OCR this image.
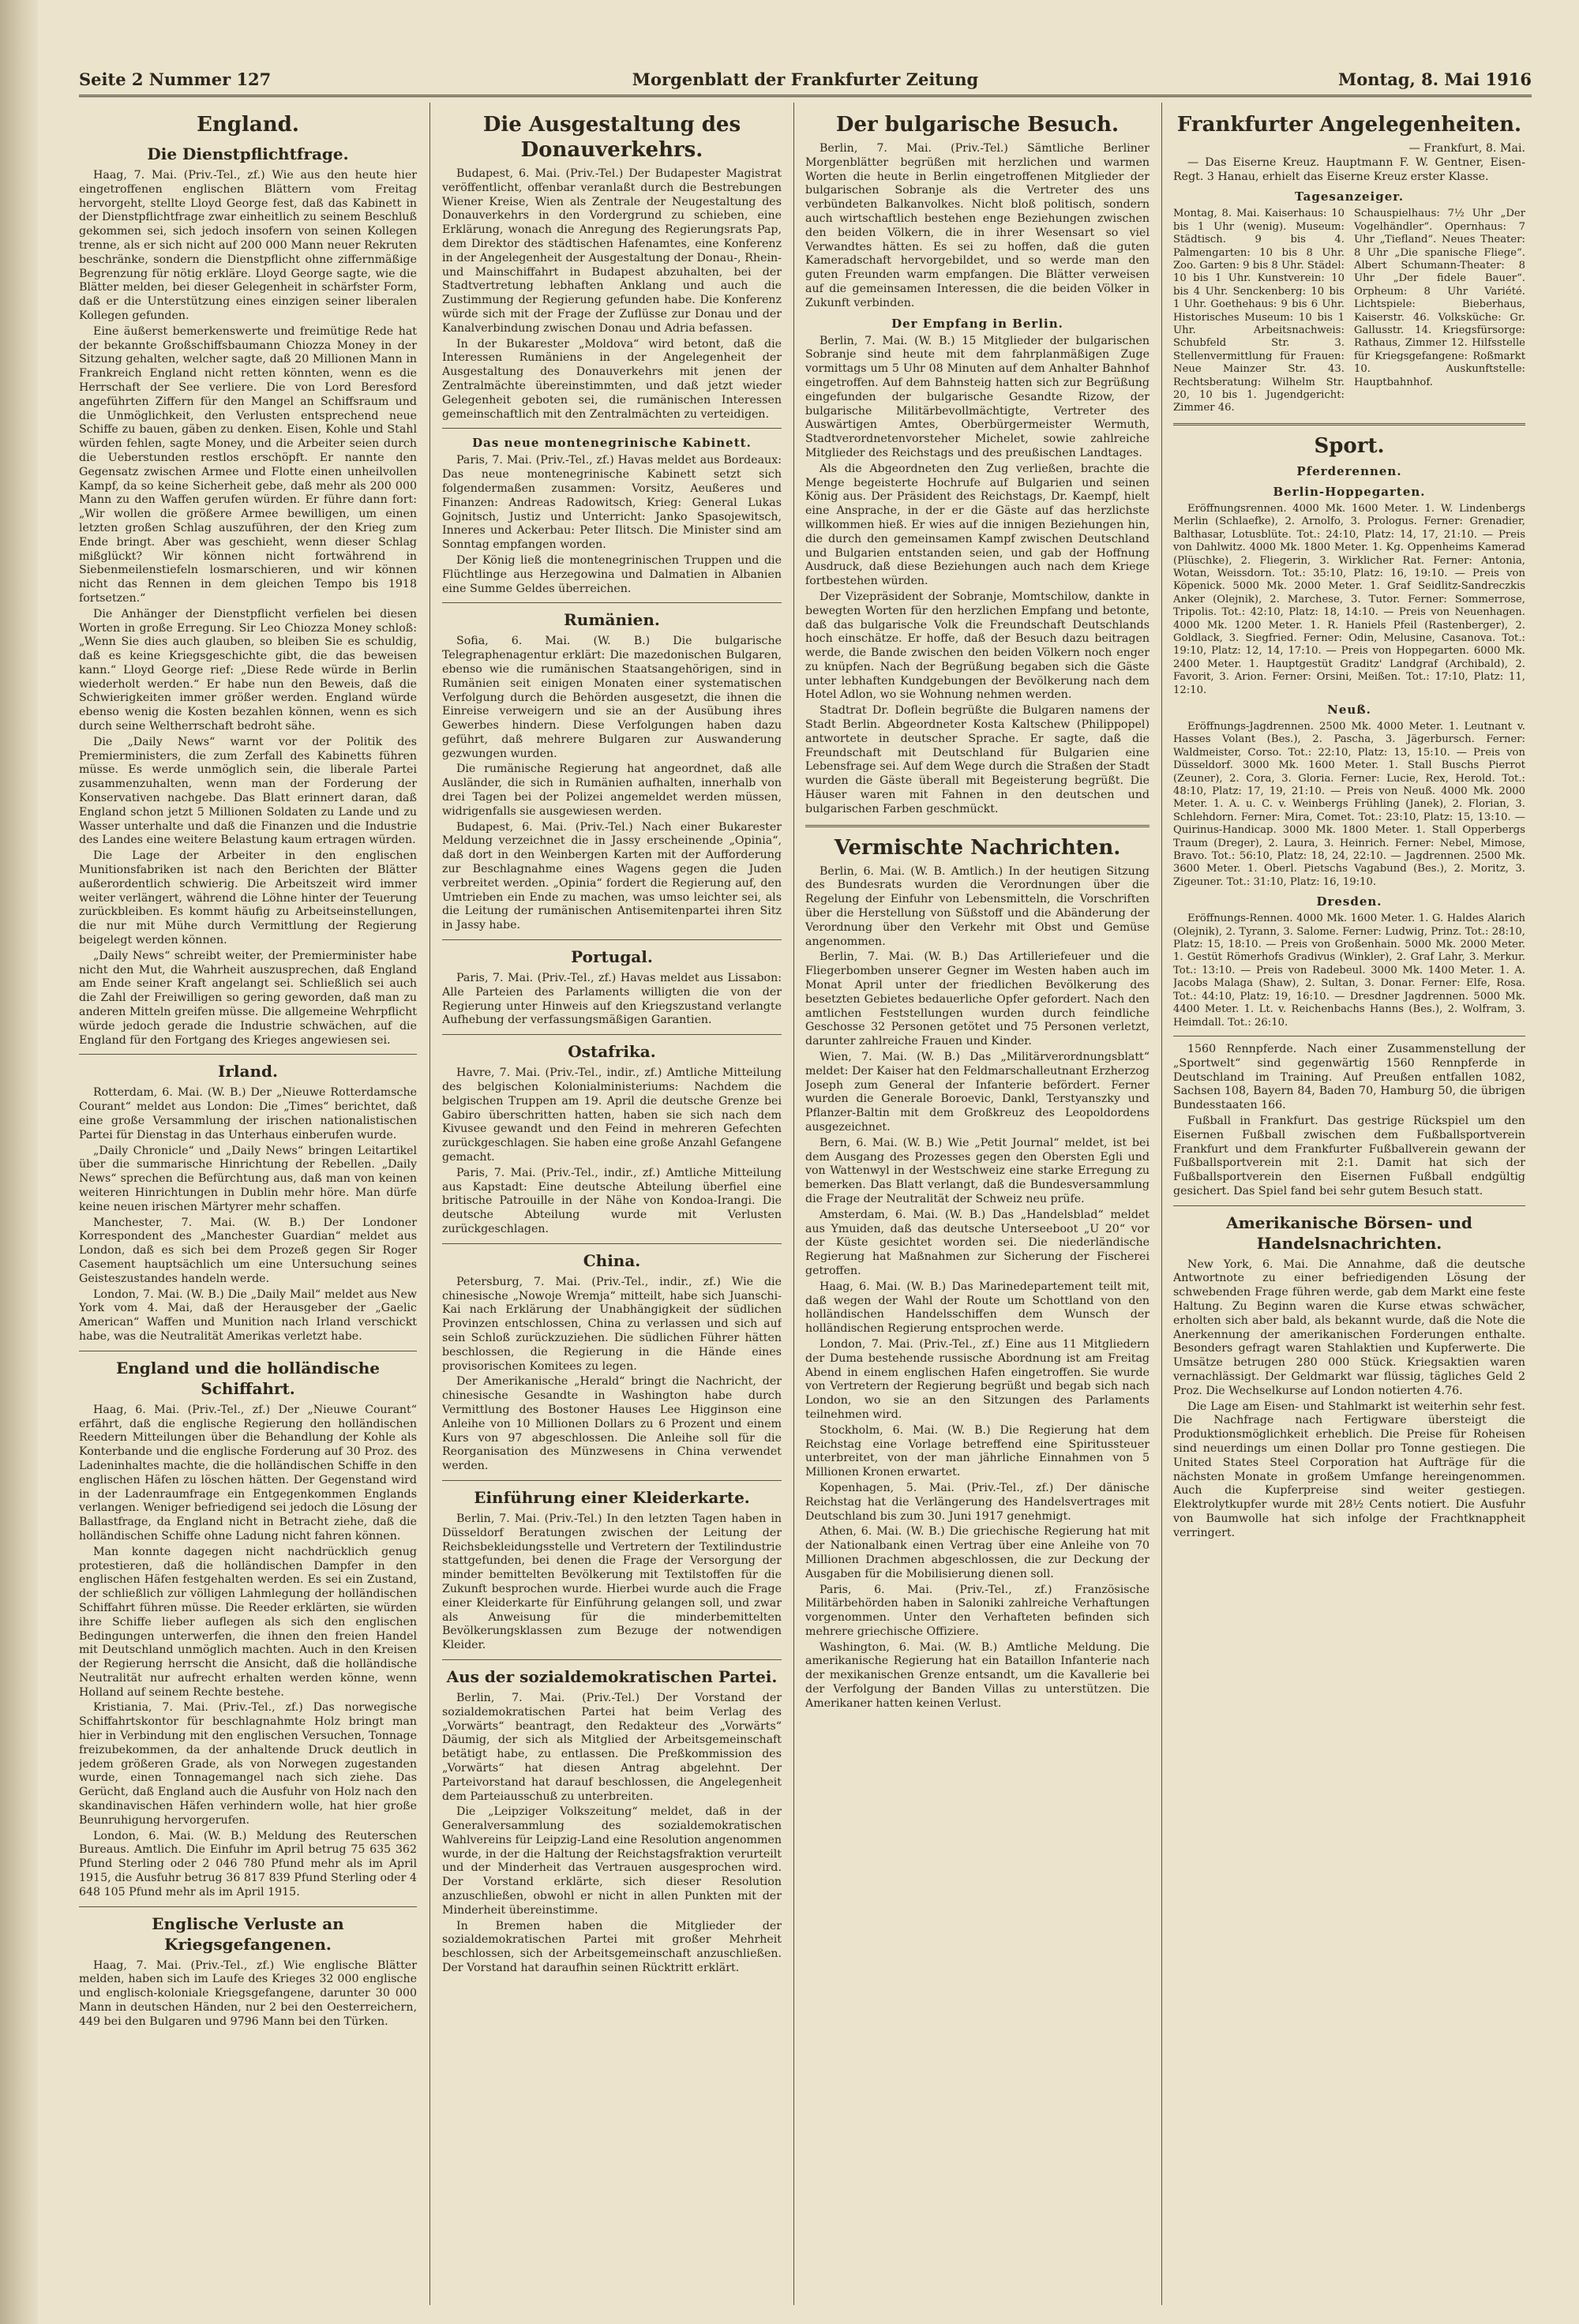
Seite 2 Nummer 127	Morgenblatt der Frankfurter Zeitung	Montag, 8. Mai 1916
England.
Die Dienstpflichtfrage.

Haag, 7. Mai. (Priv.-Tel., zf.) Wie aus den heute hier eingetroffenen englischen Blättern vom Freitag hervorgeht, stellte Lloyd George fest, daß das Kabinett in der Dienstpflichtfrage zwar einheitlich zu seinem Beschluß gekommen sei, sich jedoch insofern von seinen Kollegen trenne, als er sich nicht auf 200 000 Mann neuer Rekruten beschränke, sondern die Dienstpflicht ohne ziffernmäßige Begrenzung für nötig erkläre. Lloyd George sagte, wie die Blätter melden, bei dieser Gelegenheit in schärfster Form, daß er die Unterstützung eines einzigen seiner liberalen Kollegen gefunden.

Eine äußerst bemerkenswerte und freimütige Rede hat der bekannte Großschiffsbaumann Chiozza Money in der Sitzung gehalten, welcher sagte, daß 20 Millionen Mann in Frankreich England nicht retten könnten, wenn es die Herrschaft der See verliere. Die von Lord Beresford angeführten Ziffern für den Mangel an Schiffsraum und die Unmöglichkeit, den Verlusten entsprechend neue Schiffe zu bauen, gäben zu denken. Eisen, Kohle und Stahl würden fehlen, sagte Money, und die Arbeiter seien durch die Ueberstunden restlos erschöpft. Er nannte den Gegensatz zwischen Armee und Flotte einen unheilvollen Kampf, da so keine Sicherheit gebe, daß mehr als 200 000 Mann zu den Waffen gerufen würden. Er führe dann fort: „Wir wollen die größere Armee bewilligen, um einen letzten großen Schlag auszuführen, der den Krieg zum Ende bringt. Aber was geschieht, wenn dieser Schlag mißglückt? Wir können nicht fortwährend in Siebenmeilenstiefeln losmarschieren, und wir können nicht das Rennen in dem gleichen Tempo bis 1918 fortsetzen.“

Die Anhänger der Dienstpflicht verfielen bei diesen Worten in große Erregung. Sir Leo Chiozza Money schloß: „Wenn Sie dies auch glauben, so bleiben Sie es schuldig, daß es keine Kriegsgeschichte gibt, die das beweisen kann.“ Lloyd George rief: „Diese Rede würde in Berlin wiederholt werden.“ Er habe nun den Beweis, daß die Schwierigkeiten immer größer werden. England würde ebenso wenig die Kosten bezahlen können, wenn es sich durch seine Weltherrschaft bedroht sähe.

Die „Daily News“ warnt vor der Politik des Premierministers, die zum Zerfall des Kabinetts führen müsse. Es werde unmöglich sein, die liberale Partei zusammenzuhalten, wenn man der Forderung der Konservativen nachgebe. Das Blatt erinnert daran, daß England schon jetzt 5 Millionen Soldaten zu Lande und zu Wasser unterhalte und daß die Finanzen und die Industrie des Landes eine weitere Belastung kaum ertragen würden.

Die Lage der Arbeiter in den englischen Munitionsfabriken ist nach den Berichten der Blätter außerordentlich schwierig. Die Arbeitszeit wird immer weiter verlängert, während die Löhne hinter der Teuerung zurückbleiben. Es kommt häufig zu Arbeitseinstellungen, die nur mit Mühe durch Vermittlung der Regierung beigelegt werden können.

„Daily News“ schreibt weiter, der Premierminister habe nicht den Mut, die Wahrheit auszusprechen, daß England am Ende seiner Kraft angelangt sei. Schließlich sei auch die Zahl der Freiwilligen so gering geworden, daß man zu anderen Mitteln greifen müsse. Die allgemeine Wehrpflicht würde jedoch gerade die Industrie schwächen, auf die England für den Fortgang des Krieges angewiesen sei.

Irland.

Rotterdam, 6. Mai. (W. B.) Der „Nieuwe Rotterdamsche Courant“ meldet aus London: Die „Times“ berichtet, daß eine große Versammlung der irischen nationalistischen Partei für Dienstag in das Unterhaus einberufen wurde.

„Daily Chronicle“ und „Daily News“ bringen Leitartikel über die summarische Hinrichtung der Rebellen. „Daily News“ sprechen die Befürchtung aus, daß man von keinen weiteren Hinrichtungen in Dublin mehr höre. Man dürfe keine neuen irischen Märtyrer mehr schaffen.

Manchester, 7. Mai. (W. B.) Der Londoner Korrespondent des „Manchester Guardian“ meldet aus London, daß es sich bei dem Prozeß gegen Sir Roger Casement hauptsächlich um eine Untersuchung seines Geisteszustandes handeln werde.

London, 7. Mai. (W. B.) Die „Daily Mail“ meldet aus New York vom 4. Mai, daß der Herausgeber der „Gaelic American“ Waffen und Munition nach Irland verschickt habe, was die Neutralität Amerikas verletzt habe.

England und die holländische Schiffahrt.

Haag, 6. Mai. (Priv.-Tel., zf.) Der „Nieuwe Courant“ erfährt, daß die englische Regierung den holländischen Reedern Mitteilungen über die Behandlung der Kohle als Konterbande und die englische Forderung auf 30 Proz. des Ladeninhaltes machte, die die holländischen Schiffe in den englischen Häfen zu löschen hätten. Der Gegenstand wird in der Ladenraumfrage ein Entgegenkommen Englands verlangen. Weniger befriedigend sei jedoch die Lösung der Ballastfrage, da England nicht in Betracht ziehe, daß die holländischen Schiffe ohne Ladung nicht fahren können.

Man konnte dagegen nicht nachdrücklich genug protestieren, daß die holländischen Dampfer in den englischen Häfen festgehalten werden. Es sei ein Zustand, der schließlich zur völligen Lahmlegung der holländischen Schiffahrt führen müsse. Die Reeder erklärten, sie würden ihre Schiffe lieber auflegen als sich den englischen Bedingungen unterwerfen, die ihnen den freien Handel mit Deutschland unmöglich machten. Auch in den Kreisen der Regierung herrscht die Ansicht, daß die holländische Neutralität nur aufrecht erhalten werden könne, wenn Holland auf seinem Rechte bestehe.

Kristiania, 7. Mai. (Priv.-Tel., zf.) Das norwegische Schiffahrtskontor für beschlagnahmte Holz bringt man hier in Verbindung mit den englischen Versuchen, Tonnage freizubekommen, da der anhaltende Druck deutlich in jedem größeren Grade, als von Norwegen zugestanden wurde, einen Tonnagemangel nach sich ziehe. Das Gerücht, daß England auch die Ausfuhr von Holz nach den skandinavischen Häfen verhindern wolle, hat hier große Beunruhigung hervorgerufen.

London, 6. Mai. (W. B.) Meldung des Reuterschen Bureaus. Amtlich. Die Einfuhr im April betrug 75 635 362 Pfund Sterling oder 2 046 780 Pfund mehr als im April 1915, die Ausfuhr betrug 36 817 839 Pfund Sterling oder 4 648 105 Pfund mehr als im April 1915.

Englische Verluste an Kriegsgefangenen.

Haag, 7. Mai. (Priv.-Tel., zf.) Wie englische Blätter melden, haben sich im Laufe des Krieges 32 000 englische und englisch-koloniale Kriegsgefangene, darunter 30 000 Mann in deutschen Händen, nur 2 bei den Oesterreichern, 449 bei den Bulgaren und 9796 Mann bei den Türken.

Die Ausgestaltung des Donauverkehrs.

Budapest, 6. Mai. (Priv.-Tel.) Der Budapester Magistrat veröffentlicht, offenbar veranlaßt durch die Bestrebungen Wiener Kreise, Wien als Zentrale der Neugestaltung des Donauverkehrs in den Vordergrund zu schieben, eine Erklärung, wonach die Anregung des Regierungsrats Pap, dem Direktor des städtischen Hafenamtes, eine Konferenz in der Angelegenheit der Ausgestaltung der Donau-, Rhein- und Mainschiffahrt in Budapest abzuhalten, bei der Stadtvertretung lebhaften Anklang und auch die Zustimmung der Regierung gefunden habe. Die Konferenz würde sich mit der Frage der Zuflüsse zur Donau und der Kanalverbindung zwischen Donau und Adria befassen.

In der Bukarester „Moldova“ wird betont, daß die Interessen Rumäniens in der Angelegenheit der Ausgestaltung des Donauverkehrs mit jenen der Zentralmächte übereinstimmten, und daß jetzt wieder Gelegenheit geboten sei, die rumänischen Interessen gemeinschaftlich mit den Zentralmächten zu verteidigen.

Das neue montenegrinische Kabinett.

Paris, 7. Mai. (Priv.-Tel., zf.) Havas meldet aus Bordeaux: Das neue montenegrinische Kabinett setzt sich folgendermaßen zusammen: Vorsitz, Aeußeres und Finanzen: Andreas Radowitsch, Krieg: General Lukas Gojnitsch, Justiz und Unterricht: Janko Spasojewitsch, Inneres und Ackerbau: Peter Ilitsch. Die Minister sind am Sonntag empfangen worden.

Der König ließ die montenegrinischen Truppen und die Flüchtlinge aus Herzegowina und Dalmatien in Albanien eine Summe Geldes überreichen.

Rumänien.

Sofia, 6. Mai. (W. B.) Die bulgarische Telegraphenagentur erklärt: Die mazedonischen Bulgaren, ebenso wie die rumänischen Staatsangehörigen, sind in Rumänien seit einigen Monaten einer systematischen Verfolgung durch die Behörden ausgesetzt, die ihnen die Einreise verweigern und sie an der Ausübung ihres Gewerbes hindern. Diese Verfolgungen haben dazu geführt, daß mehrere Bulgaren zur Auswanderung gezwungen wurden.

Die rumänische Regierung hat angeordnet, daß alle Ausländer, die sich in Rumänien aufhalten, innerhalb von drei Tagen bei der Polizei angemeldet werden müssen, widrigenfalls sie ausgewiesen werden.

Budapest, 6. Mai. (Priv.-Tel.) Nach einer Bukarester Meldung verzeichnet die in Jassy erscheinende „Opinia“, daß dort in den Weinbergen Karten mit der Aufforderung zur Beschlagnahme eines Wagens gegen die Juden verbreitet werden. „Opinia“ fordert die Regierung auf, den Umtrieben ein Ende zu machen, was umso leichter sei, als die Leitung der rumänischen Antisemitenpartei ihren Sitz in Jassy habe.

Portugal.

Paris, 7. Mai. (Priv.-Tel., zf.) Havas meldet aus Lissabon: Alle Parteien des Parlaments willigten die von der Regierung unter Hinweis auf den Kriegszustand verlangte Aufhebung der verfassungsmäßigen Garantien.

Ostafrika.

Havre, 7. Mai. (Priv.-Tel., indir., zf.) Amtliche Mitteilung des belgischen Kolonialministeriums: Nachdem die belgischen Truppen am 19. April die deutsche Grenze bei Gabiro überschritten hatten, haben sie sich nach dem Kivusee gewandt und den Feind in mehreren Gefechten zurückgeschlagen. Sie haben eine große Anzahl Gefangene gemacht.

Paris, 7. Mai. (Priv.-Tel., indir., zf.) Amtliche Mitteilung aus Kapstadt: Eine deutsche Abteilung überfiel eine britische Patrouille in der Nähe von Kondoa-Irangi. Die deutsche Abteilung wurde mit Verlusten zurückgeschlagen.

China.

Petersburg, 7. Mai. (Priv.-Tel., indir., zf.) Wie die chinesische „Nowoje Wremja“ mitteilt, habe sich Juanschi-Kai nach Erklärung der Unabhängigkeit der südlichen Provinzen entschlossen, China zu verlassen und sich auf sein Schloß zurückzuziehen. Die südlichen Führer hätten beschlossen, die Regierung in die Hände eines provisorischen Komitees zu legen.

Der Amerikanische „Herald“ bringt die Nachricht, der chinesische Gesandte in Washington habe durch Vermittlung des Bostoner Hauses Lee Higginson eine Anleihe von 10 Millionen Dollars zu 6 Prozent und einem Kurs von 97 abgeschlossen. Die Anleihe soll für die Reorganisation des Münzwesens in China verwendet werden.

Einführung einer Kleiderkarte.

Berlin, 7. Mai. (Priv.-Tel.) In den letzten Tagen haben in Düsseldorf Beratungen zwischen der Leitung der Reichsbekleidungsstelle und Vertretern der Textilindustrie stattgefunden, bei denen die Frage der Versorgung der minder bemittelten Bevölkerung mit Textilstoffen für die Zukunft besprochen wurde. Hierbei wurde auch die Frage einer Kleiderkarte für Einführung gelangen soll, und zwar als Anweisung für die minderbemittelten Bevölkerungsklassen zum Bezuge der notwendigen Kleider.

Aus der sozialdemokratischen Partei.

Berlin, 7. Mai. (Priv.-Tel.) Der Vorstand der sozialdemokratischen Partei hat beim Verlag des „Vorwärts“ beantragt, den Redakteur des „Vorwärts“ Däumig, der sich als Mitglied der Arbeitsgemeinschaft betätigt habe, zu entlassen. Die Preßkommission des „Vorwärts“ hat diesen Antrag abgelehnt. Der Parteivorstand hat darauf beschlossen, die Angelegenheit dem Parteiausschuß zu unterbreiten.

Die „Leipziger Volkszeitung“ meldet, daß in der Generalversammlung des sozialdemokratischen Wahlvereins für Leipzig-Land eine Resolution angenommen wurde, in der die Haltung der Reichstagsfraktion verurteilt und der Minderheit das Vertrauen ausgesprochen wird. Der Vorstand erklärte, sich dieser Resolution anzuschließen, obwohl er nicht in allen Punkten mit der Minderheit übereinstimme.

In Bremen haben die Mitglieder der sozialdemokratischen Partei mit großer Mehrheit beschlossen, sich der Arbeitsgemeinschaft anzuschließen. Der Vorstand hat daraufhin seinen Rücktritt erklärt.

Der bulgarische Besuch.

Berlin, 7. Mai. (Priv.-Tel.) Sämtliche Berliner Morgenblätter begrüßen mit herzlichen und warmen Worten die heute in Berlin eingetroffenen Mitglieder der bulgarischen Sobranje als die Vertreter des uns verbündeten Balkanvolkes. Nicht bloß politisch, sondern auch wirtschaftlich bestehen enge Beziehungen zwischen den beiden Völkern, die in ihrer Wesensart so viel Verwandtes hätten. Es sei zu hoffen, daß die guten Kameradschaft hervorgebildet, und so werde man den guten Freunden warm empfangen. Die Blätter verweisen auf die gemeinsamen Interessen, die die beiden Völker in Zukunft verbinden.

Der Empfang in Berlin.

Berlin, 7. Mai. (W. B.) 15 Mitglieder der bulgarischen Sobranje sind heute mit dem fahrplanmäßigen Zuge vormittags um 5 Uhr 08 Minuten auf dem Anhalter Bahnhof eingetroffen. Auf dem Bahnsteig hatten sich zur Begrüßung eingefunden der bulgarische Gesandte Rizow, der bulgarische Militärbevollmächtigte, Vertreter des Auswärtigen Amtes, Oberbürgermeister Wermuth, Stadtverordnetenvorsteher Michelet, sowie zahlreiche Mitglieder des Reichstags und des preußischen Landtages.

Als die Abgeordneten den Zug verließen, brachte die Menge begeisterte Hochrufe auf Bulgarien und seinen König aus. Der Präsident des Reichstags, Dr. Kaempf, hielt eine Ansprache, in der er die Gäste auf das herzlichste willkommen hieß. Er wies auf die innigen Beziehungen hin, die durch den gemeinsamen Kampf zwischen Deutschland und Bulgarien entstanden seien, und gab der Hoffnung Ausdruck, daß diese Beziehungen auch nach dem Kriege fortbestehen würden.

Der Vizepräsident der Sobranje, Momtschilow, dankte in bewegten Worten für den herzlichen Empfang und betonte, daß das bulgarische Volk die Freundschaft Deutschlands hoch einschätze. Er hoffe, daß der Besuch dazu beitragen werde, die Bande zwischen den beiden Völkern noch enger zu knüpfen. Nach der Begrüßung begaben sich die Gäste unter lebhaften Kundgebungen der Bevölkerung nach dem Hotel Adlon, wo sie Wohnung nehmen werden.

Stadtrat Dr. Doflein begrüßte die Bulgaren namens der Stadt Berlin. Abgeordneter Kosta Kaltschew (Philippopel) antwortete in deutscher Sprache. Er sagte, daß die Freundschaft mit Deutschland für Bulgarien eine Lebensfrage sei. Auf dem Wege durch die Straßen der Stadt wurden die Gäste überall mit Begeisterung begrüßt. Die Häuser waren mit Fahnen in den deutschen und bulgarischen Farben geschmückt.

Vermischte Nachrichten.

Berlin, 6. Mai. (W. B. Amtlich.) In der heutigen Sitzung des Bundesrats wurden die Verordnungen über die Regelung der Einfuhr von Lebensmitteln, die Vorschriften über die Herstellung von Süßstoff und die Abänderung der Verordnung über den Verkehr mit Obst und Gemüse angenommen.

Berlin, 7. Mai. (W. B.) Das Artilleriefeuer und die Fliegerbomben unserer Gegner im Westen haben auch im Monat April unter der friedlichen Bevölkerung des besetzten Gebietes bedauerliche Opfer gefordert. Nach den amtlichen Feststellungen wurden durch feindliche Geschosse 32 Personen getötet und 75 Personen verletzt, darunter zahlreiche Frauen und Kinder.

Wien, 7. Mai. (W. B.) Das „Militärverordnungsblatt“ meldet: Der Kaiser hat den Feldmarschalleutnant Erzherzog Joseph zum General der Infanterie befördert. Ferner wurden die Generale Boroevic, Dankl, Terstyanszky und Pflanzer-Baltin mit dem Großkreuz des Leopoldordens ausgezeichnet.

Bern, 6. Mai. (W. B.) Wie „Petit Journal“ meldet, ist bei dem Ausgang des Prozesses gegen den Obersten Egli und von Wattenwyl in der Westschweiz eine starke Erregung zu bemerken. Das Blatt verlangt, daß die Bundesversammlung die Frage der Neutralität der Schweiz neu prüfe.

Amsterdam, 6. Mai. (W. B.) Das „Handelsblad“ meldet aus Ymuiden, daß das deutsche Unterseeboot „U 20“ vor der Küste gesichtet worden sei. Die niederländische Regierung hat Maßnahmen zur Sicherung der Fischerei getroffen.

Haag, 6. Mai. (W. B.) Das Marinedepartement teilt mit, daß wegen der Wahl der Route um Schottland von den holländischen Handelsschiffen dem Wunsch der holländischen Regierung entsprochen werde.

London, 7. Mai. (Priv.-Tel., zf.) Eine aus 11 Mitgliedern der Duma bestehende russische Abordnung ist am Freitag Abend in einem englischen Hafen eingetroffen. Sie wurde von Vertretern der Regierung begrüßt und begab sich nach London, wo sie an den Sitzungen des Parlaments teilnehmen wird.

Stockholm, 6. Mai. (W. B.) Die Regierung hat dem Reichstag eine Vorlage betreffend eine Spiritussteuer unterbreitet, von der man jährliche Einnahmen von 5 Millionen Kronen erwartet.

Kopenhagen, 5. Mai. (Priv.-Tel., zf.) Der dänische Reichstag hat die Verlängerung des Handelsvertrages mit Deutschland bis zum 30. Juni 1917 genehmigt.

Athen, 6. Mai. (W. B.) Die griechische Regierung hat mit der Nationalbank einen Vertrag über eine Anleihe von 70 Millionen Drachmen abgeschlossen, die zur Deckung der Ausgaben für die Mobilisierung dienen soll.

Paris, 6. Mai. (Priv.-Tel., zf.) Französische Militärbehörden haben in Saloniki zahlreiche Verhaftungen vorgenommen. Unter den Verhafteten befinden sich mehrere griechische Offiziere.

Washington, 6. Mai. (W. B.) Amtliche Meldung. Die amerikanische Regierung hat ein Bataillon Infanterie nach der mexikanischen Grenze entsandt, um die Kavallerie bei der Verfolgung der Banden Villas zu unterstützen. Die Amerikaner hatten keinen Verlust.

Frankfurter Angelegenheiten.
— Frankfurt, 8. Mai.

— Das Eiserne Kreuz. Hauptmann F. W. Gentner, Eisen-Regt. 3 Hanau, erhielt das Eiserne Kreuz erster Klasse.

Tagesanzeiger.
Montag, 8. Mai. Kaiserhaus: 10 bis 1 Uhr (wenig). Museum: Städtisch. 9 bis 4. Palmengarten: 10 bis 8 Uhr. Zoo. Garten: 9 bis 8 Uhr. Städel: 10 bis 1 Uhr. Kunstverein: 10 bis 4 Uhr. Senckenberg: 10 bis 1 Uhr. Goethehaus: 9 bis 6 Uhr. Historisches Museum: 10 bis 1 Uhr. Arbeitsnachweis: Schubfeld Str. 3. Stellenvermittlung für Frauen: Neue Mainzer Str. 43. Rechtsberatung: Wilhelm Str. 20, 10 bis 1. Jugendgericht: Zimmer 46.
Schauspielhaus: 7½ Uhr „Der Vogelhändler“. Opernhaus: 7 Uhr „Tiefland“. Neues Theater: 8 Uhr „Die spanische Fliege“. Albert Schumann-Theater: 8 Uhr „Der fidele Bauer“. Orpheum: 8 Uhr Variété. Lichtspiele: Bieberhaus, Kaiserstr. 46. Volksküche: Gr. Gallusstr. 14. Kriegsfürsorge: Rathaus, Zimmer 12. Hilfsstelle für Kriegsgefangene: Roßmarkt 10. Auskunftstelle: Hauptbahnhof.
Sport.
Pferderennen.
Berlin-Hoppegarten.

Eröffnungsrennen. 4000 Mk. 1600 Meter. 1. W. Lindenbergs Merlin (Schlaefke), 2. Arnolfo, 3. Prologus. Ferner: Grenadier, Balthasar, Lotusblüte. Tot.: 24:10, Platz: 14, 17, 21:10. — Preis von Dahlwitz. 4000 Mk. 1800 Meter. 1. Kg. Oppenheims Kamerad (Plüschke), 2. Fliegerin, 3. Wirklicher Rat. Ferner: Antonia, Wotan, Weissdorn. Tot.: 35:10, Platz: 16, 19:10. — Preis von Köpenick. 5000 Mk. 2000 Meter. 1. Graf Seidlitz-Sandreczkis Anker (Olejnik), 2. Marchese, 3. Tutor. Ferner: Sommerrose, Tripolis. Tot.: 42:10, Platz: 18, 14:10. — Preis von Neuenhagen. 4000 Mk. 1200 Meter. 1. R. Haniels Pfeil (Rastenberger), 2. Goldlack, 3. Siegfried. Ferner: Odin, Melusine, Casanova. Tot.: 19:10, Platz: 12, 14, 17:10. — Preis von Hoppegarten. 6000 Mk. 2400 Meter. 1. Hauptgestüt Graditz' Landgraf (Archibald), 2. Favorit, 3. Arion. Ferner: Orsini, Meißen. Tot.: 17:10, Platz: 11, 12:10.

Neuß.

Eröffnungs-Jagdrennen. 2500 Mk. 4000 Meter. 1. Leutnant v. Hasses Volant (Bes.), 2. Pascha, 3. Jägerbursch. Ferner: Waldmeister, Corso. Tot.: 22:10, Platz: 13, 15:10. — Preis von Düsseldorf. 3000 Mk. 1600 Meter. 1. Stall Buschs Pierrot (Zeuner), 2. Cora, 3. Gloria. Ferner: Lucie, Rex, Herold. Tot.: 48:10, Platz: 17, 19, 21:10. — Preis von Neuß. 4000 Mk. 2000 Meter. 1. A. u. C. v. Weinbergs Frühling (Janek), 2. Florian, 3. Schlehdorn. Ferner: Mira, Comet. Tot.: 23:10, Platz: 15, 13:10. — Quirinus-Handicap. 3000 Mk. 1800 Meter. 1. Stall Opperbergs Traum (Dreger), 2. Laura, 3. Heinrich. Ferner: Nebel, Mimose, Bravo. Tot.: 56:10, Platz: 18, 24, 22:10. — Jagdrennen. 2500 Mk. 3600 Meter. 1. Oberl. Pietschs Vagabund (Bes.), 2. Moritz, 3. Zigeuner. Tot.: 31:10, Platz: 16, 19:10.

Dresden.

Eröffnungs-Rennen. 4000 Mk. 1600 Meter. 1. G. Haldes Alarich (Olejnik), 2. Tyrann, 3. Salome. Ferner: Ludwig, Prinz. Tot.: 28:10, Platz: 15, 18:10. — Preis von Großenhain. 5000 Mk. 2000 Meter. 1. Gestüt Römerhofs Gradivus (Winkler), 2. Graf Lahr, 3. Merkur. Tot.: 13:10. — Preis von Radebeul. 3000 Mk. 1400 Meter. 1. A. Jacobs Malaga (Shaw), 2. Sultan, 3. Donar. Ferner: Elfe, Rosa. Tot.: 44:10, Platz: 19, 16:10. — Dresdner Jagdrennen. 5000 Mk. 4400 Meter. 1. Lt. v. Reichenbachs Hanns (Bes.), 2. Wolfram, 3. Heimdall. Tot.: 26:10.

1560 Rennpferde. Nach einer Zusammenstellung der „Sportwelt“ sind gegenwärtig 1560 Rennpferde in Deutschland im Training. Auf Preußen entfallen 1082, Sachsen 108, Bayern 84, Baden 70, Hamburg 50, die übrigen Bundesstaaten 166.

Fußball in Frankfurt. Das gestrige Rückspiel um den Eisernen Fußball zwischen dem Fußballsportverein Frankfurt und dem Frankfurter Fußballverein gewann der Fußballsportverein mit 2:1. Damit hat sich der Fußballsportverein den Eisernen Fußball endgültig gesichert. Das Spiel fand bei sehr gutem Besuch statt.

Amerikanische Börsen- und Handelsnachrichten.

New York, 6. Mai. Die Annahme, daß die deutsche Antwortnote zu einer befriedigenden Lösung der schwebenden Frage führen werde, gab dem Markt eine feste Haltung. Zu Beginn waren die Kurse etwas schwächer, erholten sich aber bald, als bekannt wurde, daß die Note die Anerkennung der amerikanischen Forderungen enthalte. Besonders gefragt waren Stahlaktien und Kupferwerte. Die Umsätze betrugen 280 000 Stück. Kriegsaktien waren vernachlässigt. Der Geldmarkt war flüssig, tägliches Geld 2 Proz. Die Wechselkurse auf London notierten 4.76.

Die Lage am Eisen- und Stahlmarkt ist weiterhin sehr fest. Die Nachfrage nach Fertigware übersteigt die Produktionsmöglichkeit erheblich. Die Preise für Roheisen sind neuerdings um einen Dollar pro Tonne gestiegen. Die United States Steel Corporation hat Aufträge für die nächsten Monate in großem Umfange hereingenommen. Auch die Kupferpreise sind weiter gestiegen. Elektrolytkupfer wurde mit 28½ Cents notiert. Die Ausfuhr von Baumwolle hat sich infolge der Frachtknappheit verringert.
